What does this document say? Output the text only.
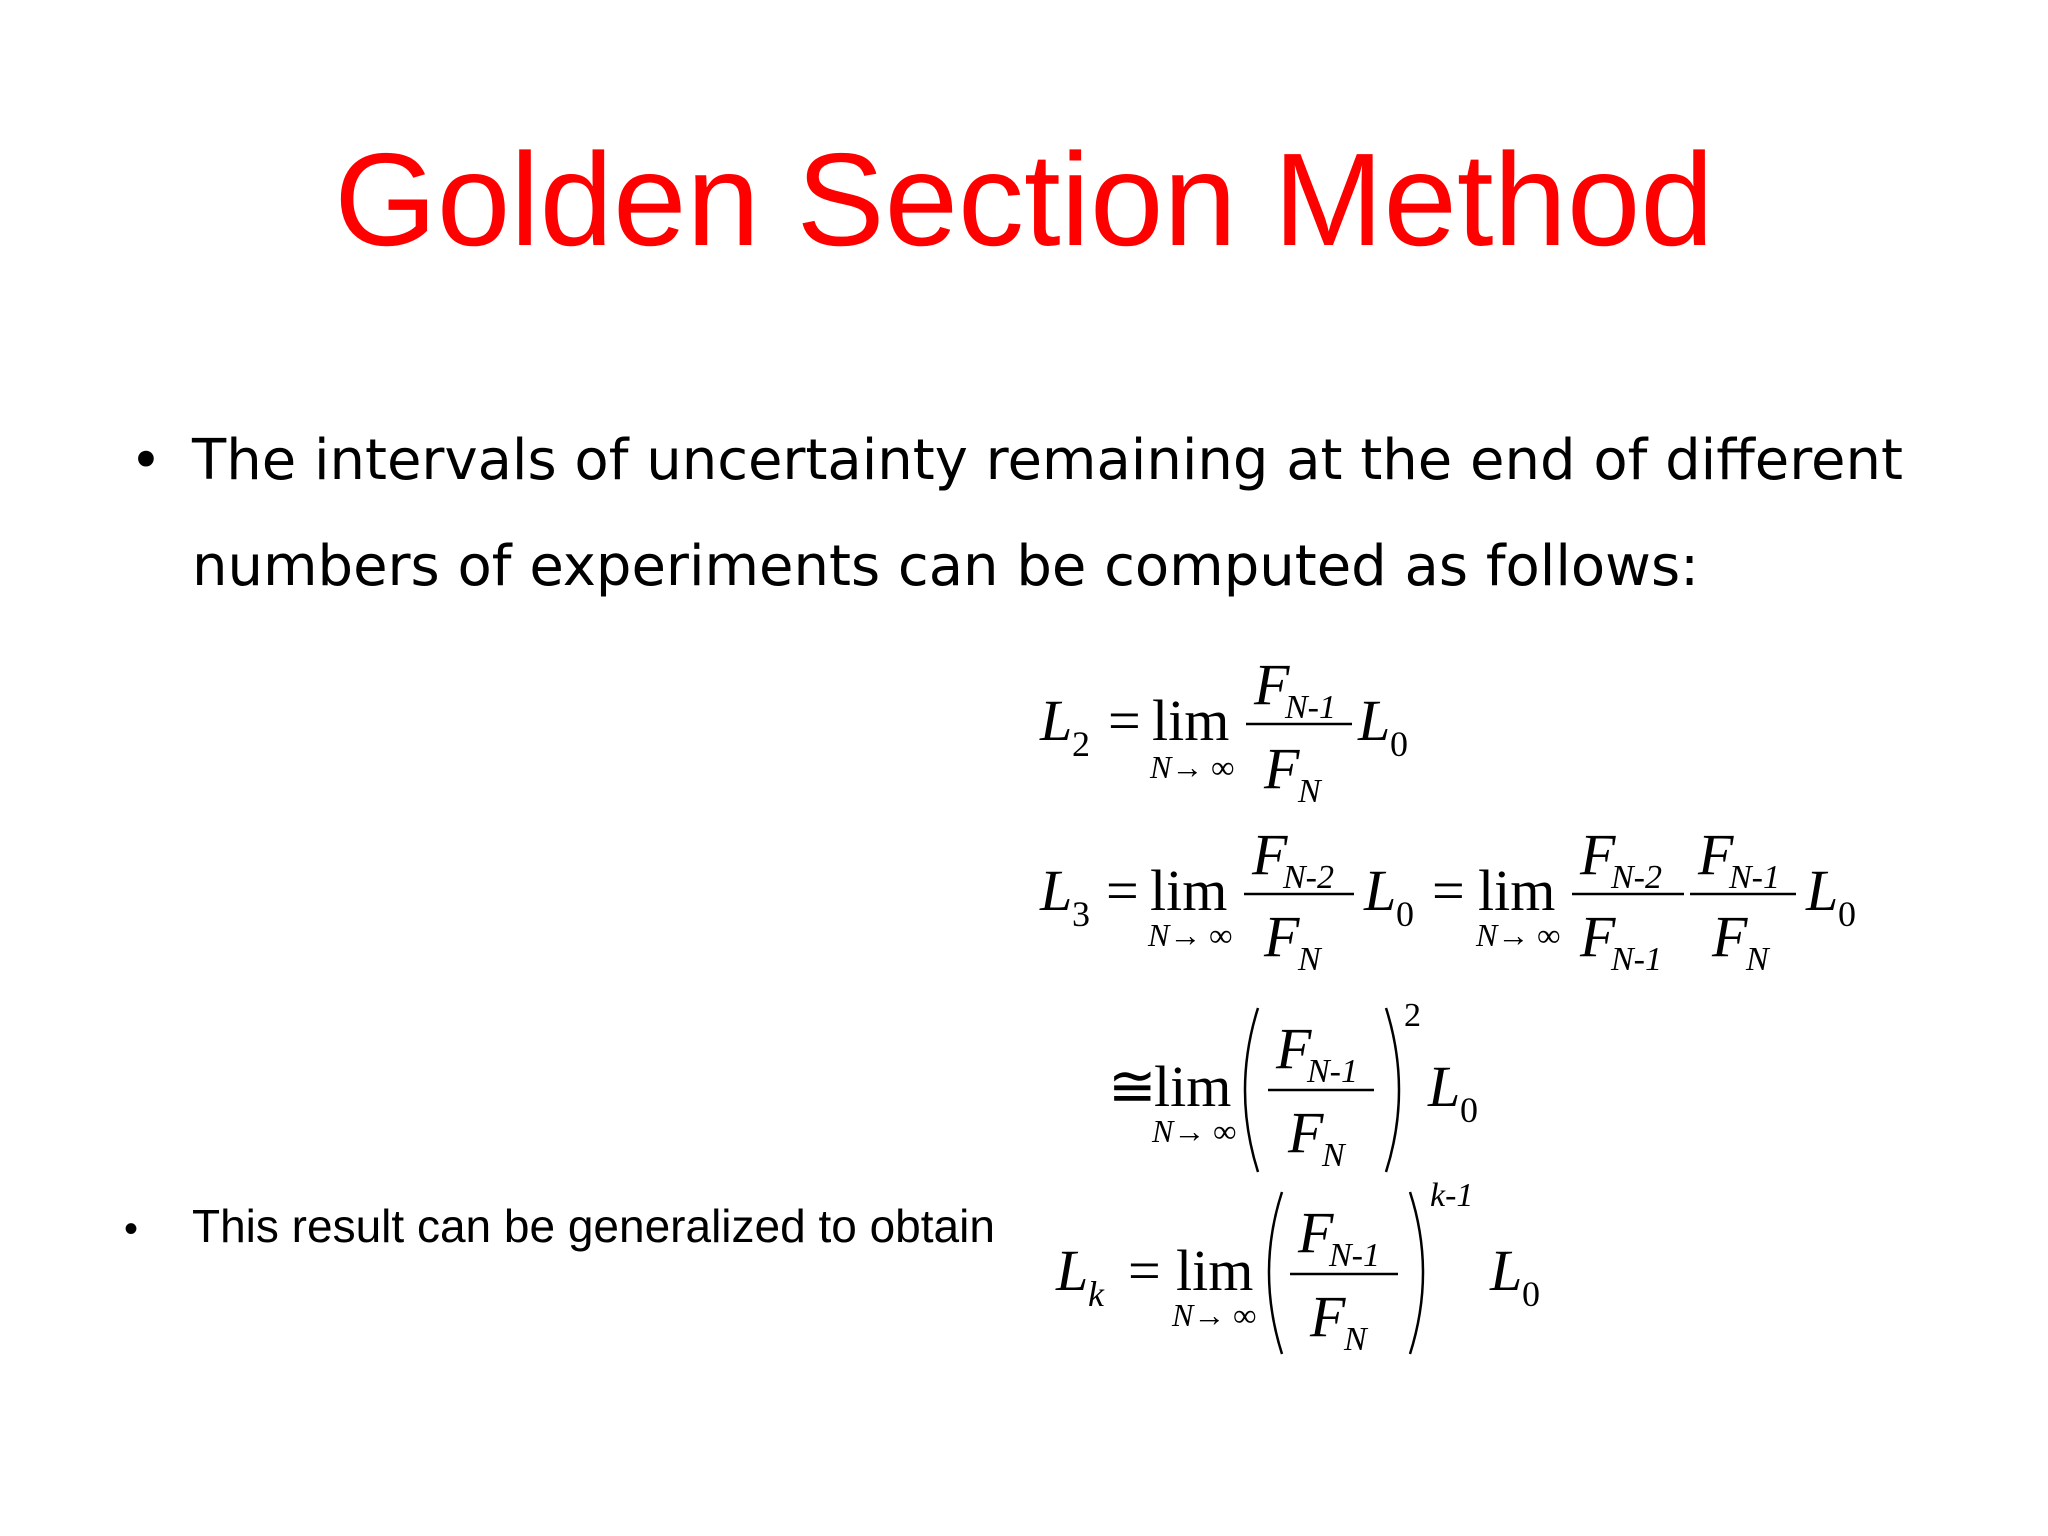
Golden Section Method
• The intervals of uncertainty remaining at the end of different numbers of experiments can be computed as follows:
• This result can be generalized to obtain
L 2 = lim
N→ ∞
F
N-1
F
N
L 0
L 3 = lim
N→ ∞
F
N-2
F
N
L 0 = lim
N→ ∞
F
N-2
F
N-1
F
N-1
F
N
L 0
≅
lim
N→ ∞
F
N-1
F
N
2
L 0
L k = lim
N→ ∞
F
N-1
F
N
k-1
L 0
